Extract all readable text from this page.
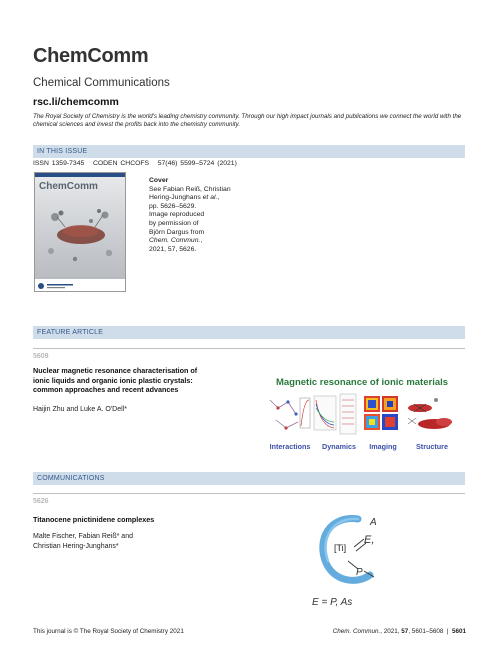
ChemComm
Chemical Communications
rsc.li/chemcomm
The Royal Society of Chemistry is the world's leading chemistry community. Through our high impact journals and publications we connect the world with the chemical sciences and invest the profits back into the chemistry community.
IN THIS ISSUE
ISSN 1359-7345 CODEN CHCOFS 57(46) 5599–5724 (2021)
ChemComm
Cover
See Fabian Reiß, Christian
Hering-Junghans et al.,
pp. 5626–5629.
Image reproduced
by permission of
Björn Dargus from
Chem. Commun.,
2021, 57, 5626.
FEATURE ARTICLE
5609
Nuclear magnetic resonance characterisation of
ionic liquids and organic ionic plastic crystals:
common approaches and recent advances
Haijin Zhu and Luke A. O'Dell*
Magnetic resonance of ionic materials
Interactions Dynamics Imaging	Structure
COMMUNICATIONS
5626
Titanocene pnictinidene complexes
Malte Fischer, Fabian Reiß* and
Christian Hering-Junghans*	[Ti]
A
E,
P
E = P, As
This journal is © The Royal Society of Chemistry 2021	Chem. Commun., 2021, 57, 5601–5608 | 5601
